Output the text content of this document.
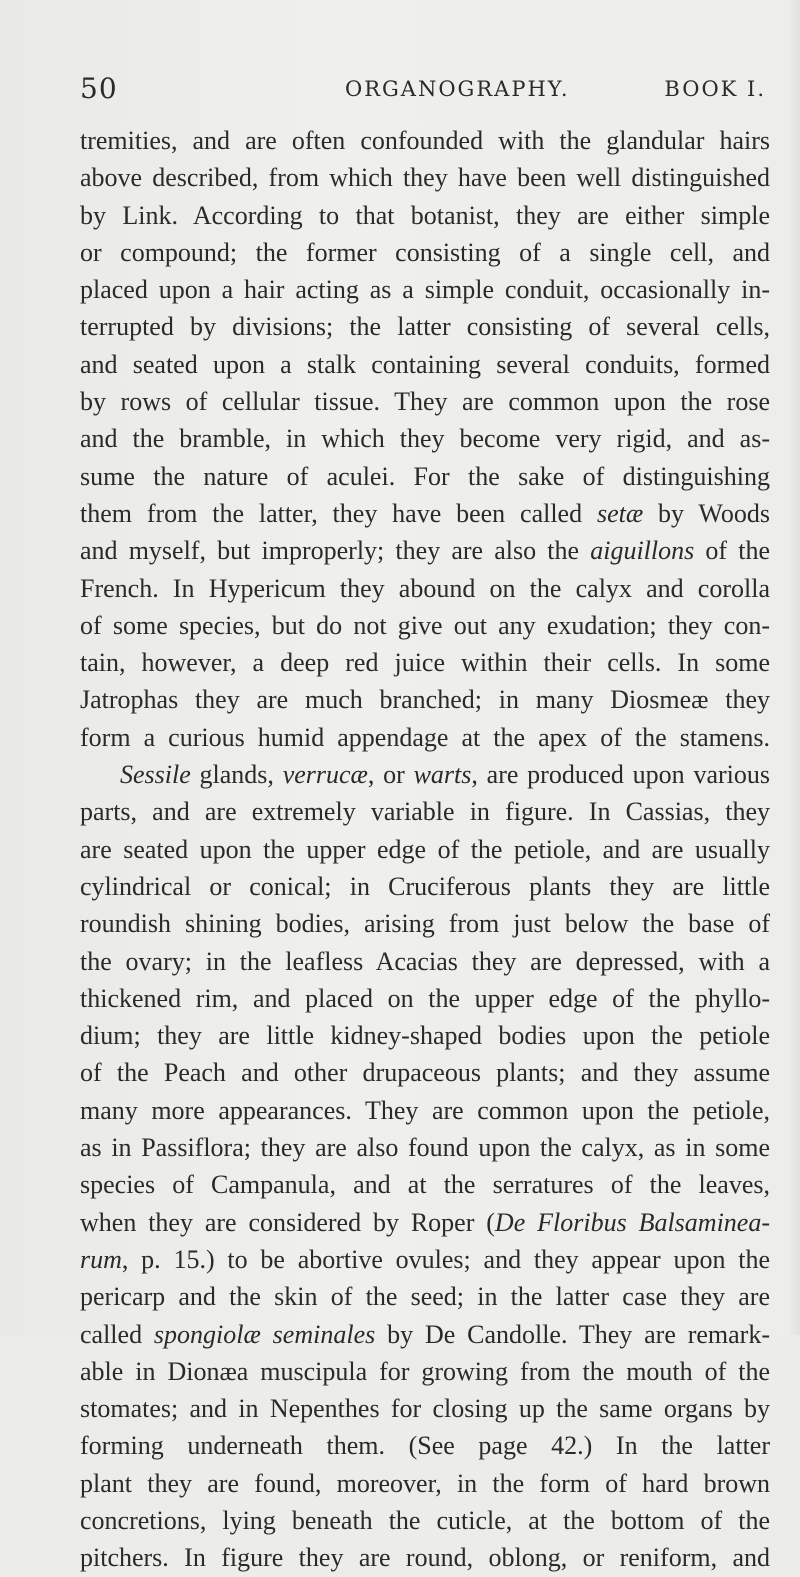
50	ORGANOGRAPHY.	BOOK I.
tremities, and are often confounded with the glandular hairs
above described, from which they have been well distinguished
by Link. According to that botanist, they are either simple
or compound; the former consisting of a single cell, and
placed upon a hair acting as a simple conduit, occasionally in-
terrupted by divisions; the latter consisting of several cells,
and seated upon a stalk containing several conduits, formed
by rows of cellular tissue. They are common upon the rose
and the bramble, in which they become very rigid, and as-
sume the nature of aculei. For the sake of distinguishing
them from the latter, they have been called setæ by Woods
and myself, but improperly; they are also the aiguillons of the
French. In Hypericum they abound on the calyx and corolla
of some species, but do not give out any exudation; they con-
tain, however, a deep red juice within their cells. In some
Jatrophas they are much branched; in many Diosmeæ they
form a curious humid appendage at the apex of the stamens.
Sessile glands, verrucæ, or warts, are produced upon various
parts, and are extremely variable in figure. In Cassias, they
are seated upon the upper edge of the petiole, and are usually
cylindrical or conical; in Cruciferous plants they are little
roundish shining bodies, arising from just below the base of
the ovary; in the leafless Acacias they are depressed, with a
thickened rim, and placed on the upper edge of the phyllo-
dium; they are little kidney-shaped bodies upon the petiole
of the Peach and other drupaceous plants; and they assume
many more appearances. They are common upon the petiole,
as in Passiflora; they are also found upon the calyx, as in some
species of Campanula, and at the serratures of the leaves,
when they are considered by Roper (De Floribus Balsaminea-
rum, p. 15.) to be abortive ovules; and they appear upon the
pericarp and the skin of the seed; in the latter case they are
called spongiolæ seminales by De Candolle. They are remark-
able in Dionæa muscipula for growing from the mouth of the
stomates; and in Nepenthes for closing up the same organs by
forming underneath them. (See page 42.) In the latter
plant they are found, moreover, in the form of hard brown
concretions, lying beneath the cuticle, at the bottom of the
pitchers. In figure they are round, oblong, or reniform, and
